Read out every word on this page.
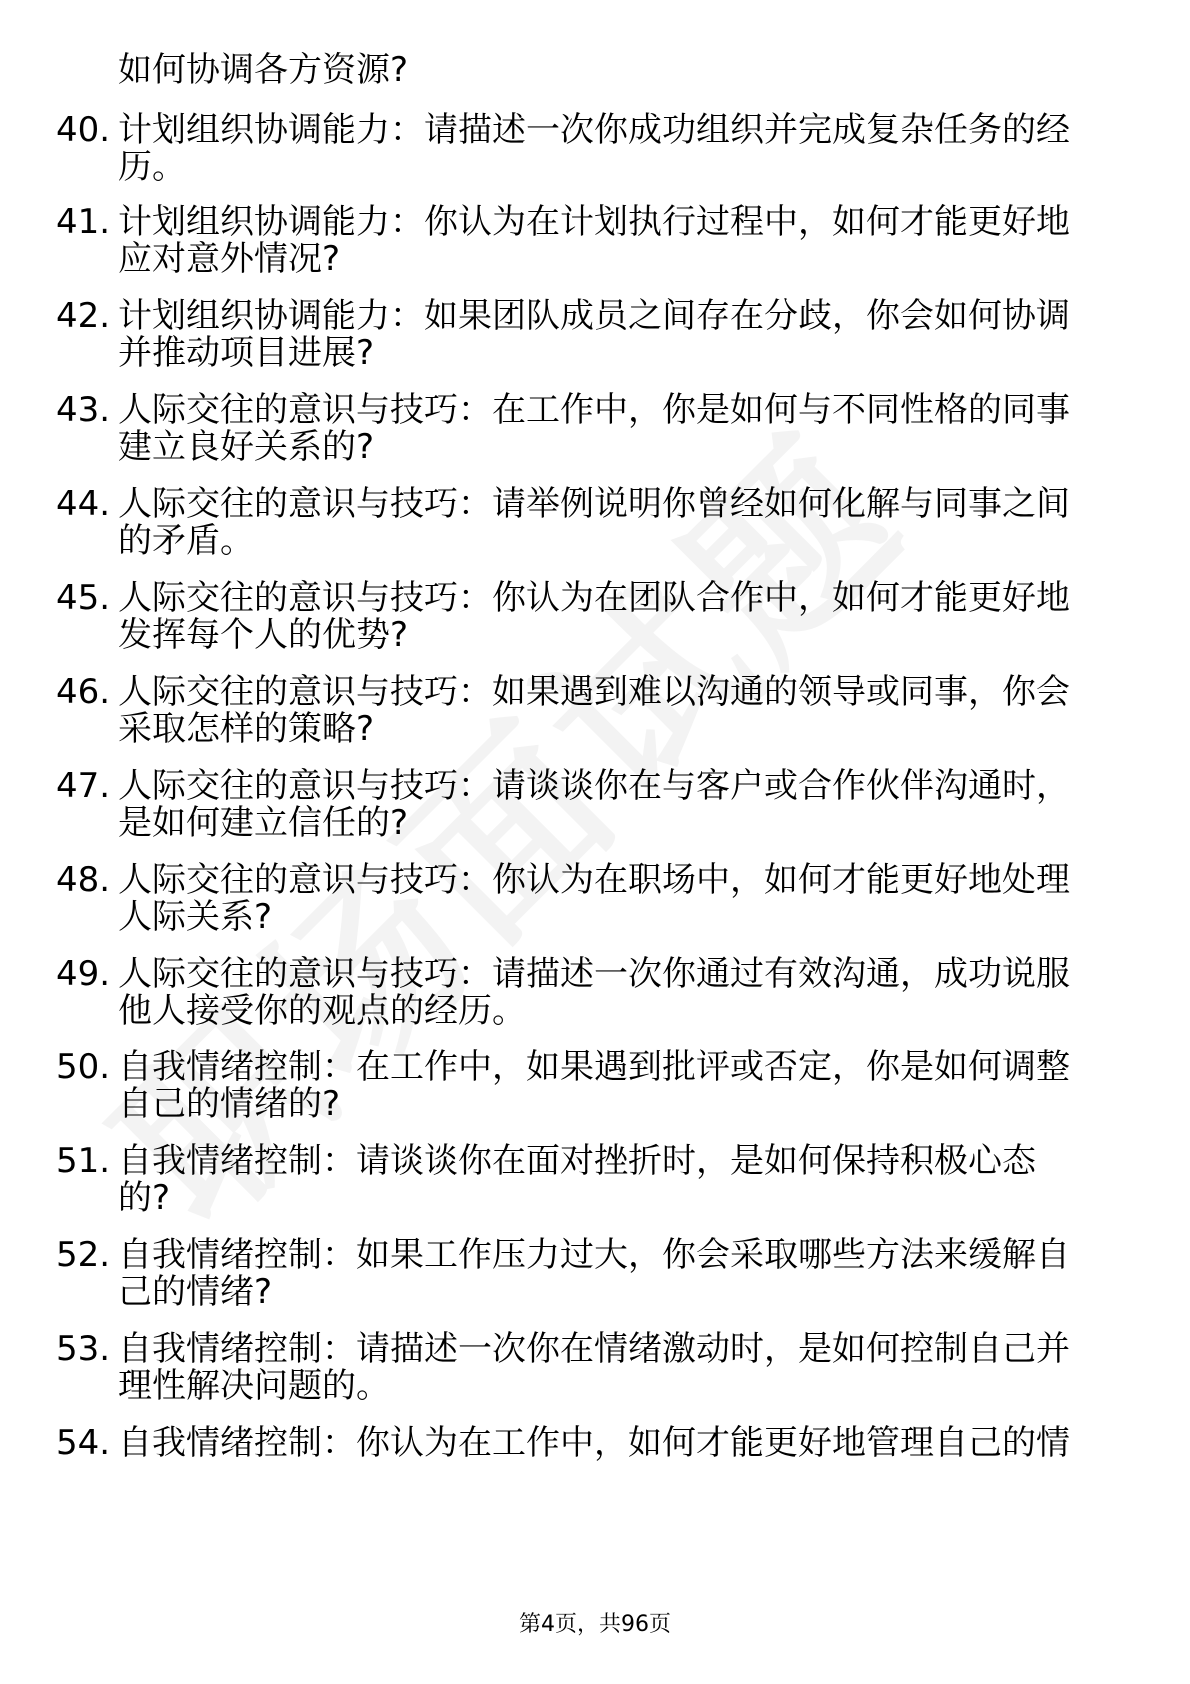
如何协调各方资源?
40. 计划组织协调能力：请描述一次你成功组织并完成复杂任务的经
历。
41. 计划组织协调能力：你认为在计划执行过程中，如何才能更好地
应对意外情况?
42. 计划组织协调能力：如果团队成员之间存在分歧，你会如何协调
并推动项目进展?
43. 人际交往的意识与技巧：在工作中，你是如何与不同性格的同事
建立良好关系的?
44. 人际交往的意识与技巧：请举例说明你曾经如何化解与同事之间
的矛盾。
45. 人际交往的意识与技巧：你认为在团队合作中，如何才能更好地
发挥每个人的优势?
46. 人际交往的意识与技巧：如果遇到难以沟通的领导或同事，你会
采取怎样的策略?
47. 人际交往的意识与技巧：请谈谈你在与客户或合作伙伴沟通时，
是如何建立信任的?
48. 人际交往的意识与技巧：你认为在职场中，如何才能更好地处理
人际关系?
49. 人际交往的意识与技巧：请描述一次你通过有效沟通，成功说服
他人接受你的观点的经历。
50. 自我情绪控制：在工作中，如果遇到批评或否定，你是如何调整
自己的情绪的?
51. 自我情绪控制：请谈谈你在面对挫折时，是如何保持积极心态
的?
52. 自我情绪控制：如果工作压力过大，你会采取哪些方法来缓解自
己的情绪?
53. 自我情绪控制：请描述一次你在情绪激动时，是如何控制自己并
理性解决问题的。
54. 自我情绪控制：你认为在工作中，如何才能更好地管理自己的情
第4页，共96页
